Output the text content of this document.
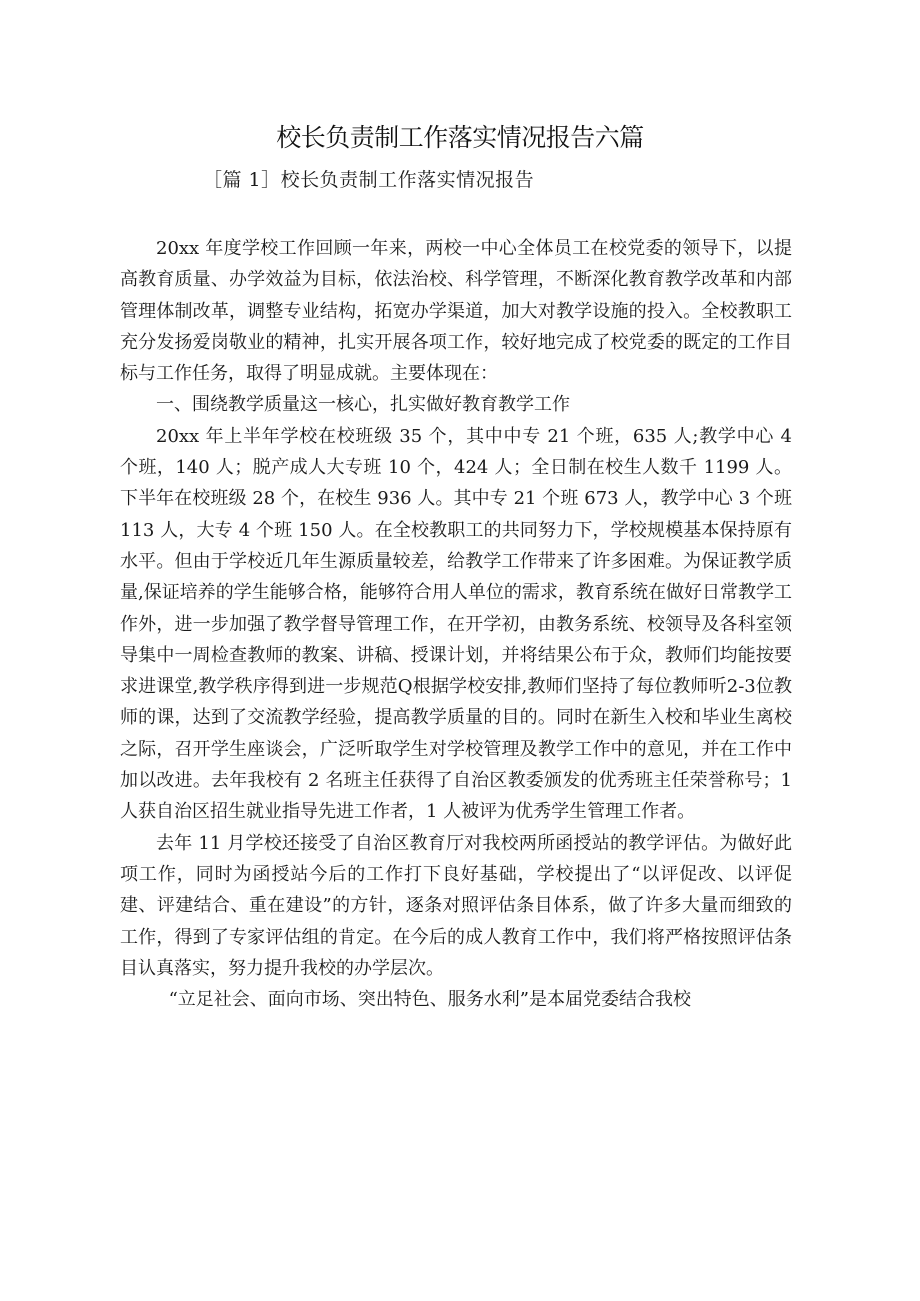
校长负责制工作落实情况报告六篇
［篇 1］校长负责制工作落实情况报告

20xx 年度学校工作回顾一年来，两校一中心全体员工在校党委的领导下，以提高教育质量、办学效益为目标，依法治校、科学管理，不断深化教育教学改革和内部管理体制改革，调整专业结构，拓宽办学渠道，加大对教学设施的投入。全校教职工充分发扬爱岗敬业的精神，扎实开展各项工作，较好地完成了校党委的既定的工作目标与工作任务，取得了明显成就。主要体现在：

一、围绕教学质量这一核心，扎实做好教育教学工作

20xx 年上半年学校在校班级 35 个，其中中专 21 个班，635 人;教学中心 4 个班，140 人；脱产成人大专班 10 个，424 人；全日制在校生人数千 1199 人。下半年在校班级 28 个，在校生 936 人。其中专 21 个班 673 人，教学中心 3 个班 113 人，大专 4 个班 150 人。在全校教职工的共同努力下，学校规模基本保持原有水平。但由于学校近几年生源质量较差，给教学工作带来了许多困难。为保证教学质量,保证培养的学生能够合格，能够符合用人单位的需求，教育系统在做好日常教学工作外，进一步加强了教学督导管理工作，在开学初，由教务系统、校领导及各科室领导集中一周检查教师的教案、讲稿、授课计划，并将结果公布于众，教师们均能按要求进课堂,教学秩序得到进一步规范Q根据学校安排,教师们坚持了每位教师听2-3位教师的课，达到了交流教学经验，提高教学质量的目的。同时在新生入校和毕业生离校之际，召开学生座谈会，广泛听取学生对学校管理及教学工作中的意见，并在工作中加以改进。去年我校有 2 名班主任获得了自治区教委颁发的优秀班主任荣誉称号；1 人获自治区招生就业指导先进工作者，1 人被评为优秀学生管理工作者。

去年 11 月学校还接受了自治区教育厅对我校两所函授站的教学评估。为做好此项工作，同时为函授站今后的工作打下良好基础，学校提出了“以评促改、以评促建、评建结合、重在建设”的方针，逐条对照评估条目体系，做了许多大量而细致的工作，得到了专家评估组的肯定。在今后的成人教育工作中，我们将严格按照评估条目认真落实，努力提升我校的办学层次。

“立足社会、面向市场、突出特色、服务水利”是本届党委结合我校
